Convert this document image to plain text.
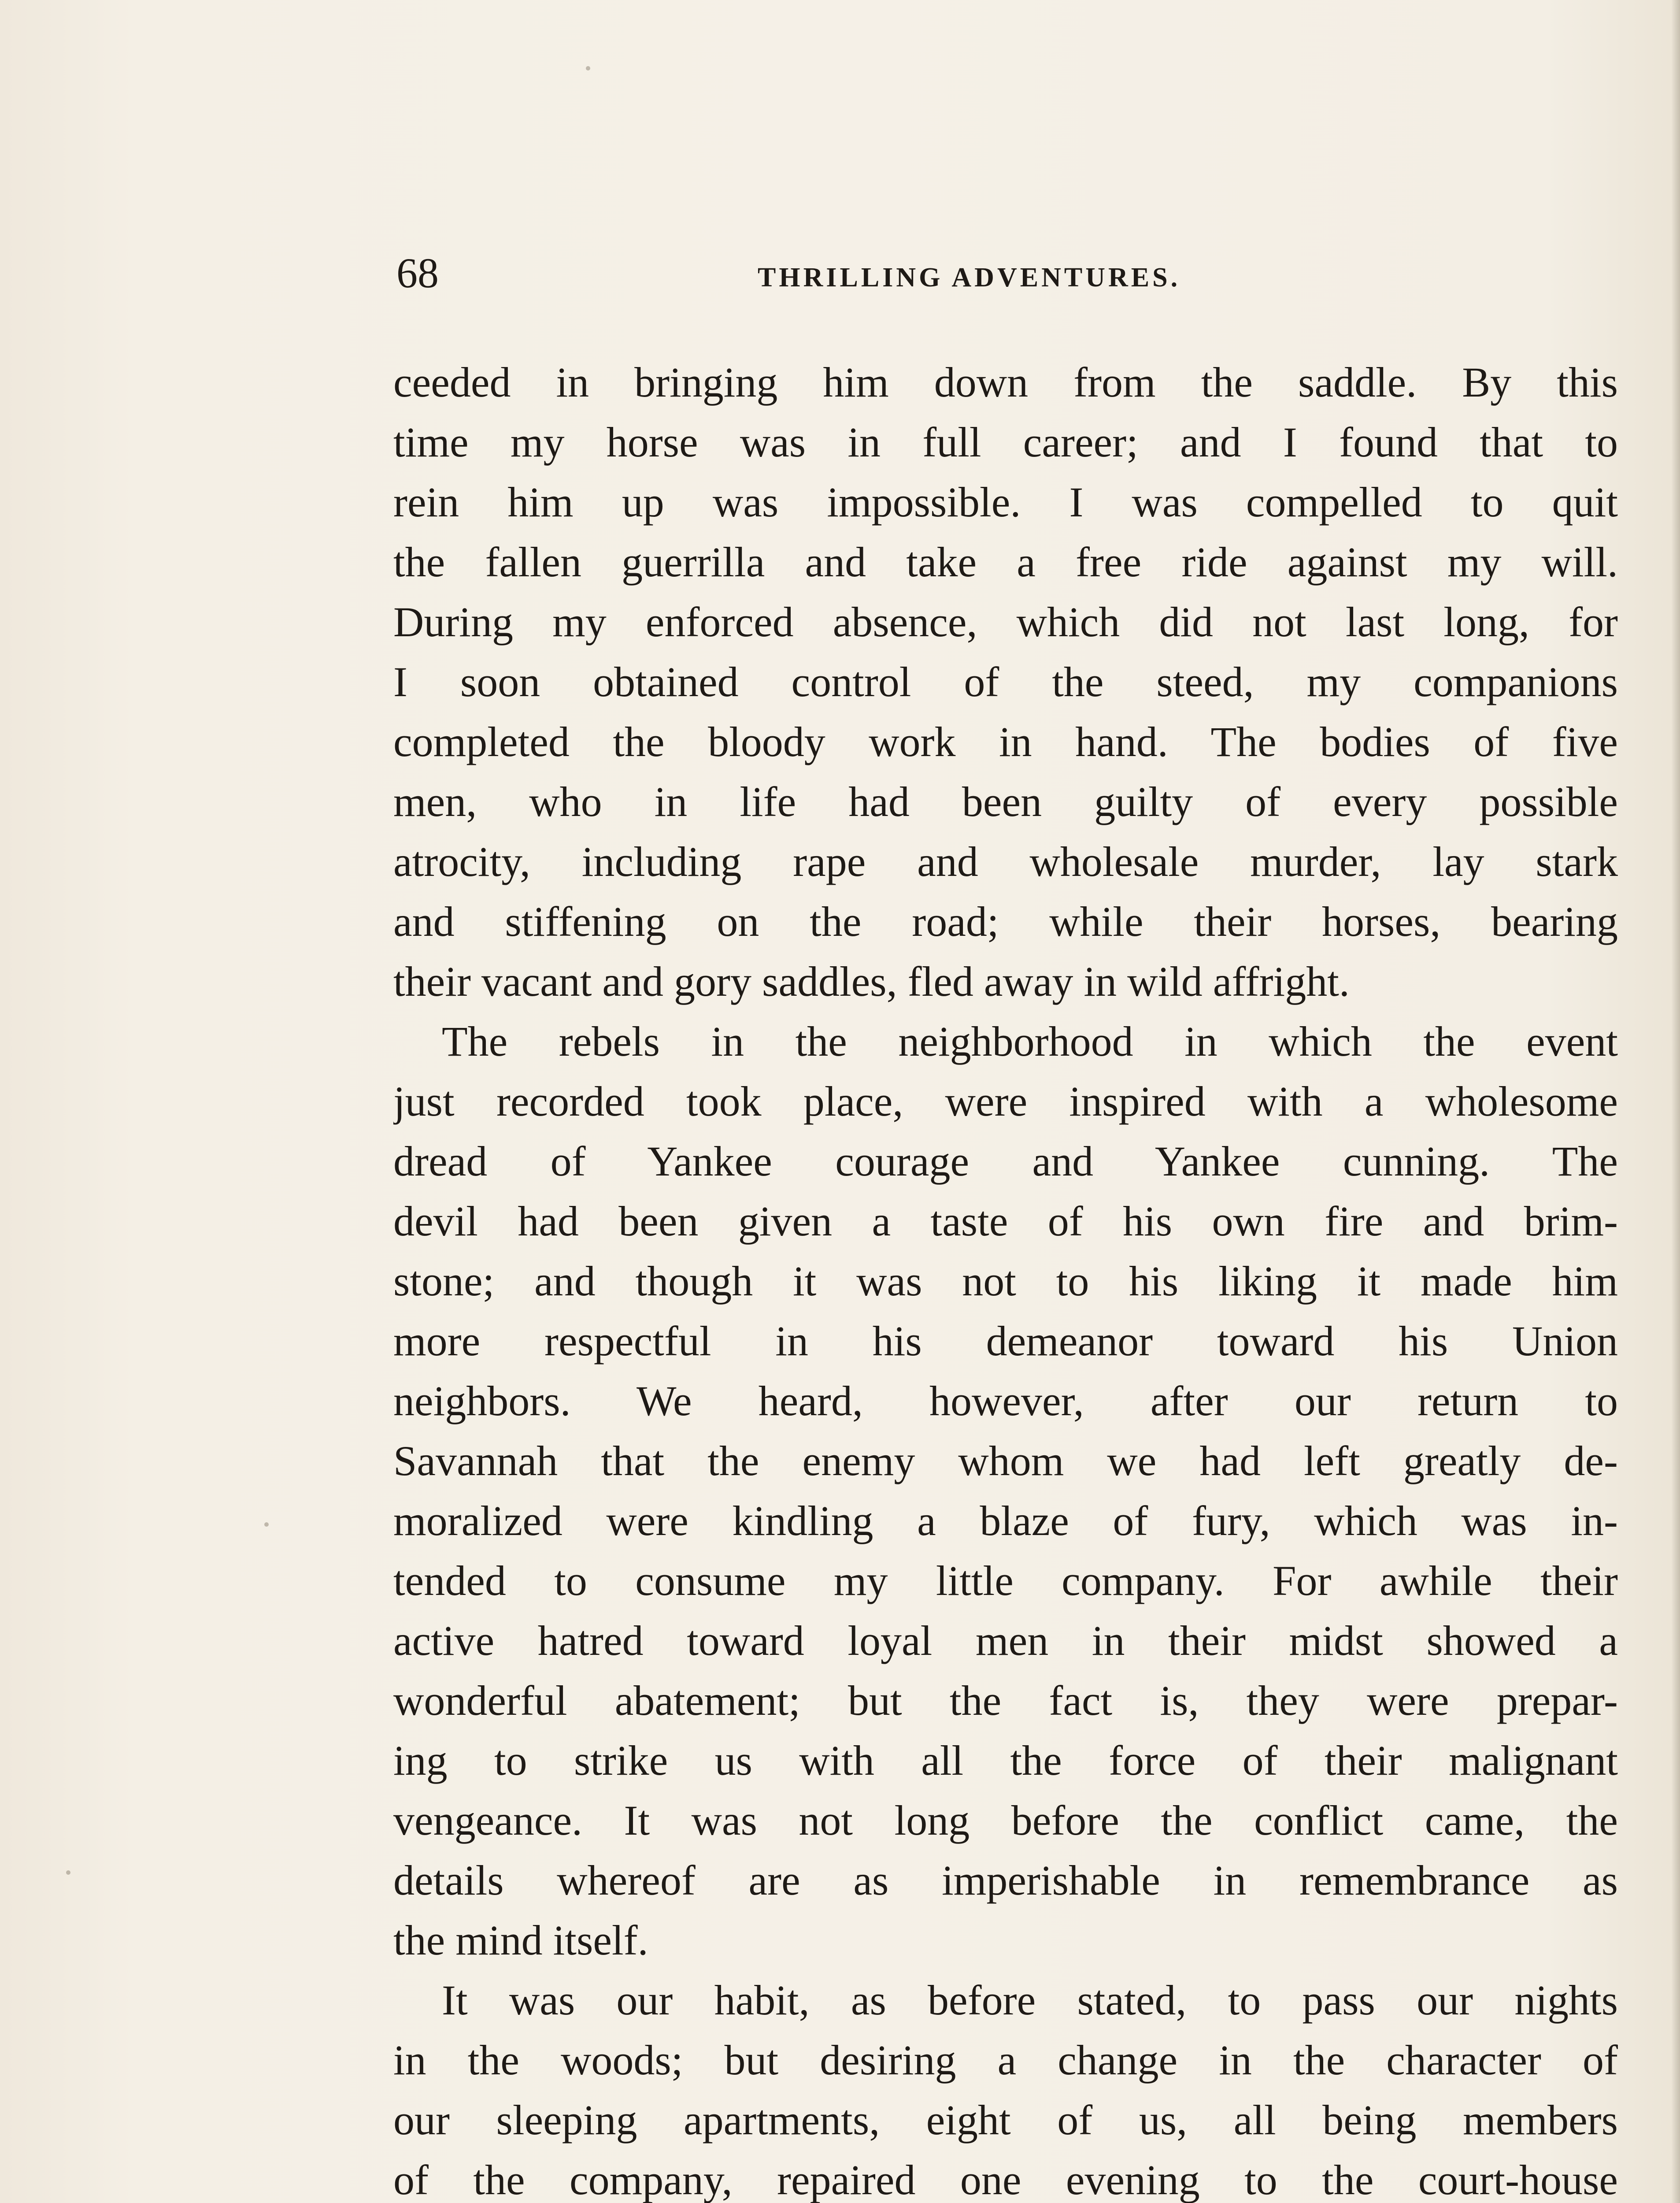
68	THRILLING ADVENTURES.
ceeded in bringing him down from the saddle. By this
time my horse was in full career; and I found that to
rein him up was impossible. I was compelled to quit
the fallen guerrilla and take a free ride against my will.
During my enforced absence, which did not last long, for
I soon obtained control of the steed, my companions
completed the bloody work in hand. The bodies of five
men, who in life had been guilty of every possible
atrocity, including rape and wholesale murder, lay stark
and stiffening on the road; while their horses, bearing
their vacant and gory saddles, fled away in wild affright.
The rebels in the neighborhood in which the event
just recorded took place, were inspired with a wholesome
dread of Yankee courage and Yankee cunning. The
devil had been given a taste of his own fire and brim-
stone; and though it was not to his liking it made him
more respectful in his demeanor toward his Union
neighbors. We heard, however, after our return to
Savannah that the enemy whom we had left greatly de-
moralized were kindling a blaze of fury, which was in-
tended to consume my little company. For awhile their
active hatred toward loyal men in their midst showed a
wonderful abatement; but the fact is, they were prepar-
ing to strike us with all the force of their malignant
vengeance. It was not long before the conflict came, the
details whereof are as imperishable in remembrance as
the mind itself.
It was our habit, as before stated, to pass our nights
in the woods; but desiring a change in the character of
our sleeping apartments, eight of us, all being members
of the company, repaired one evening to the court-house
